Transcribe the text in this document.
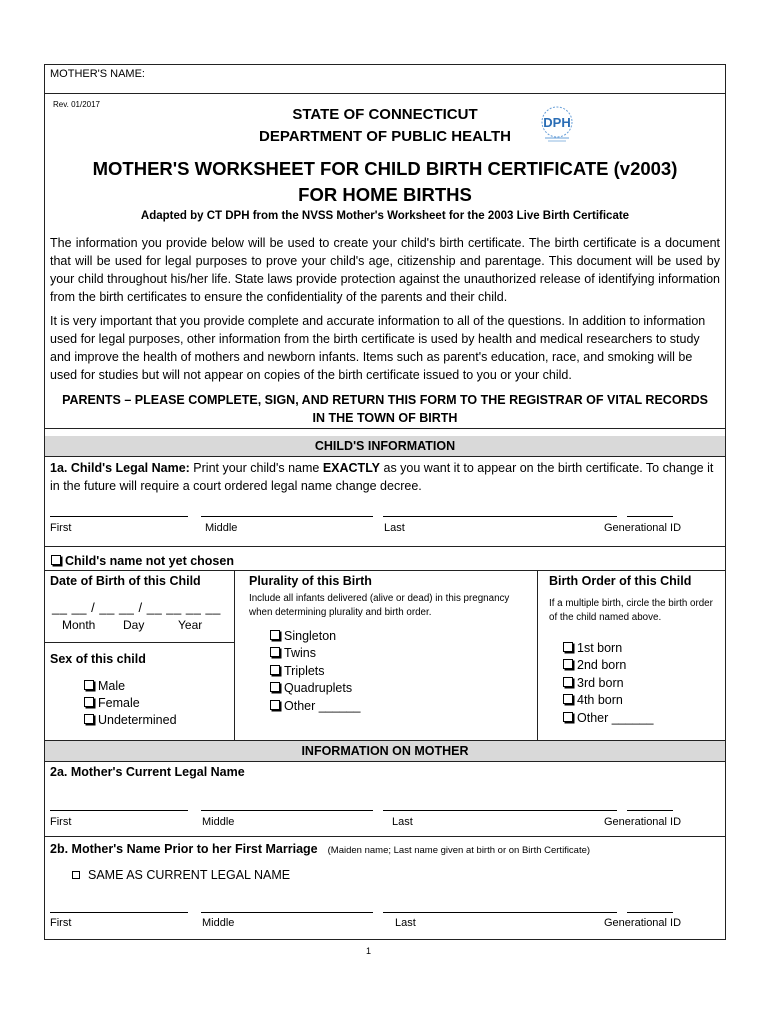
MOTHER'S NAME:
Rev. 01/2017
STATE OF CONNECTICUT
DEPARTMENT OF PUBLIC HEALTH
DPH
MOTHER'S WORKSHEET FOR CHILD BIRTH CERTIFICATE (v2003)
FOR HOME BIRTHS
Adapted by CT DPH from the NVSS Mother's Worksheet for the 2003 Live Birth Certificate
The information you provide below will be used to create your child's birth certificate. The birth certificate is a document that will be used for legal purposes to prove your child's age, citizenship and parentage. This document will be used by your child throughout his/her life. State laws provide protection against the unauthorized release of identifying information from the birth certificates to ensure the confidentiality of the parents and their child.
It is very important that you provide complete and accurate information to all of the questions. In addition to information used for legal purposes, other information from the birth certificate is used by health and medical researchers to study and improve the health of mothers and newborn infants. Items such as parent's education, race, and smoking will be used for studies but will not appear on copies of the birth certificate issued to you or your child.
PARENTS – PLEASE COMPLETE, SIGN, AND RETURN THIS FORM TO THE REGISTRAR OF VITAL RECORDS
IN THE TOWN OF BIRTH
CHILD'S INFORMATION
1a. Child's Legal Name: Print your child's name EXACTLY as you want it to appear on the birth certificate. To change it in the future will require a court ordered legal name change decree.
First	Middle	Last	Generational ID
Child's name not yet chosen
Date of Birth of this Child
__ __ / __ __ / __ __ __ __
Month Day	Year
Sex of this child
Male
Female
Undetermined
Plurality of this Birth
Include all infants delivered (alive or dead) in this pregnancy when determining plurality and birth order.
Singleton
Twins
Triplets
Quadruplets
Other ______
Birth Order of this Child
If a multiple birth, circle the birth order of the child named above.
1st born
2nd born
3rd born
4th born
Other ______
INFORMATION ON MOTHER
2a. Mother's Current Legal Name
First	Middle	Last	Generational ID
2b. Mother's Name Prior to her First Marriage (Maiden name; Last name given at birth or on Birth Certificate)
SAME AS CURRENT LEGAL NAME
First	Middle	Last	Generational ID
1
